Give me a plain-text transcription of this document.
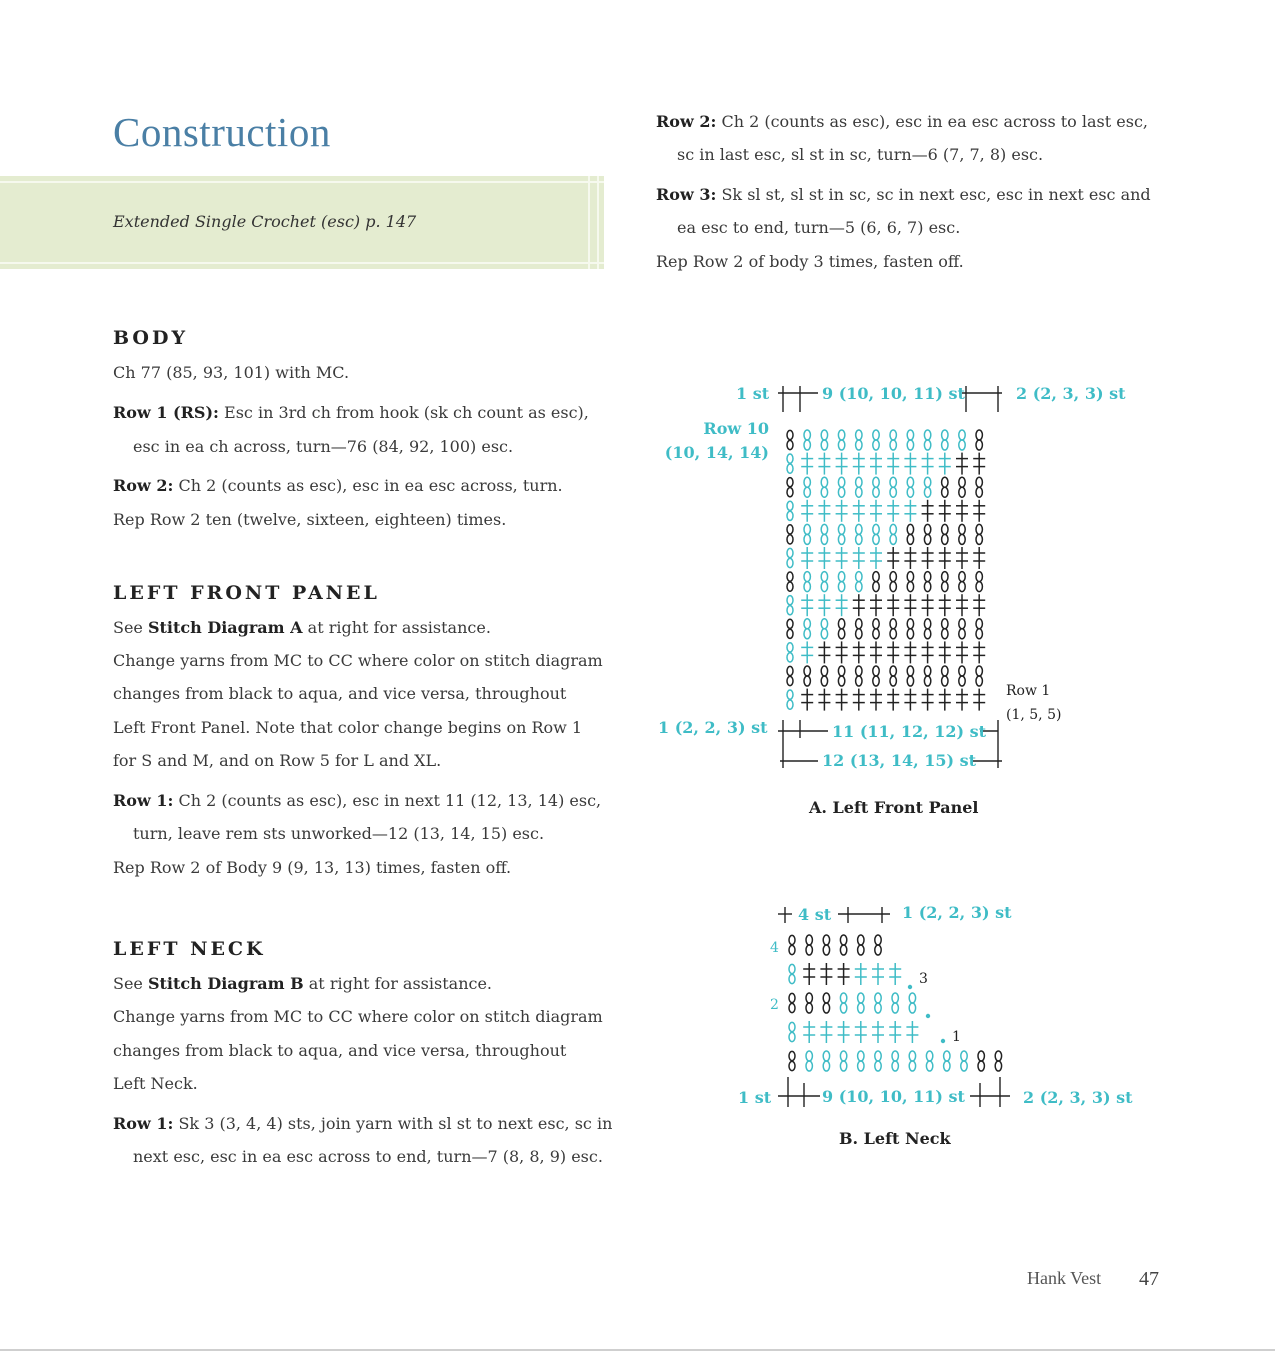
Construction
Extended Single Crochet (esc) p. 147
BODY
Ch 77 (85, 93, 101) with MC.
Row 1 (RS): Esc in 3rd ch from hook (sk ch count as esc),
esc in ea ch across, turn—76 (84, 92, 100) esc.
Row 2: Ch 2 (counts as esc), esc in ea esc across, turn.
Rep Row 2 ten (twelve, sixteen, eighteen) times.
LEFT FRONT PANEL
See Stitch Diagram A at right for assistance.
Change yarns from MC to CC where color on stitch diagram
changes from black to aqua, and vice versa, throughout
Left Front Panel. Note that color change begins on Row 1
for S and M, and on Row 5 for L and XL.
Row 1: Ch 2 (counts as esc), esc in next 11 (12, 13, 14) esc,
turn, leave rem sts unworked—12 (13, 14, 15) esc.
Rep Row 2 of Body 9 (9, 13, 13) times, fasten off.
LEFT NECK
See Stitch Diagram B at right for assistance.
Change yarns from MC to CC where color on stitch diagram
changes from black to aqua, and vice versa, throughout
Left Neck.
Row 1: Sk 3 (3, 4, 4) sts, join yarn with sl st to next esc, sc in
next esc, esc in ea esc across to end, turn—7 (8, 8, 9) esc.
Row 2: Ch 2 (counts as esc), esc in ea esc across to last esc,
sc in last esc, sl st in sc, turn—6 (7, 7, 8) esc.
Row 3: Sk sl st, sl st in sc, sc in next esc, esc in next esc and
ea esc to end, turn—5 (6, 6, 7) esc.
Rep Row 2 of body 3 times, fasten off.
1 st	9 (10, 10, 11) st	2 (2, 3, 3) st
Row 10
(10, 14, 14)
Row 1
(1, 5, 5)
1 (2, 2, 3) st	11 (11, 12, 12) st
12 (13, 14, 15) st
A. Left Front Panel
4 st	1 (2, 2, 3) st
4
3
2
1
1 st	9 (10, 10, 11) st	2 (2, 3, 3) st
B. Left Neck
Hank Vest 47
